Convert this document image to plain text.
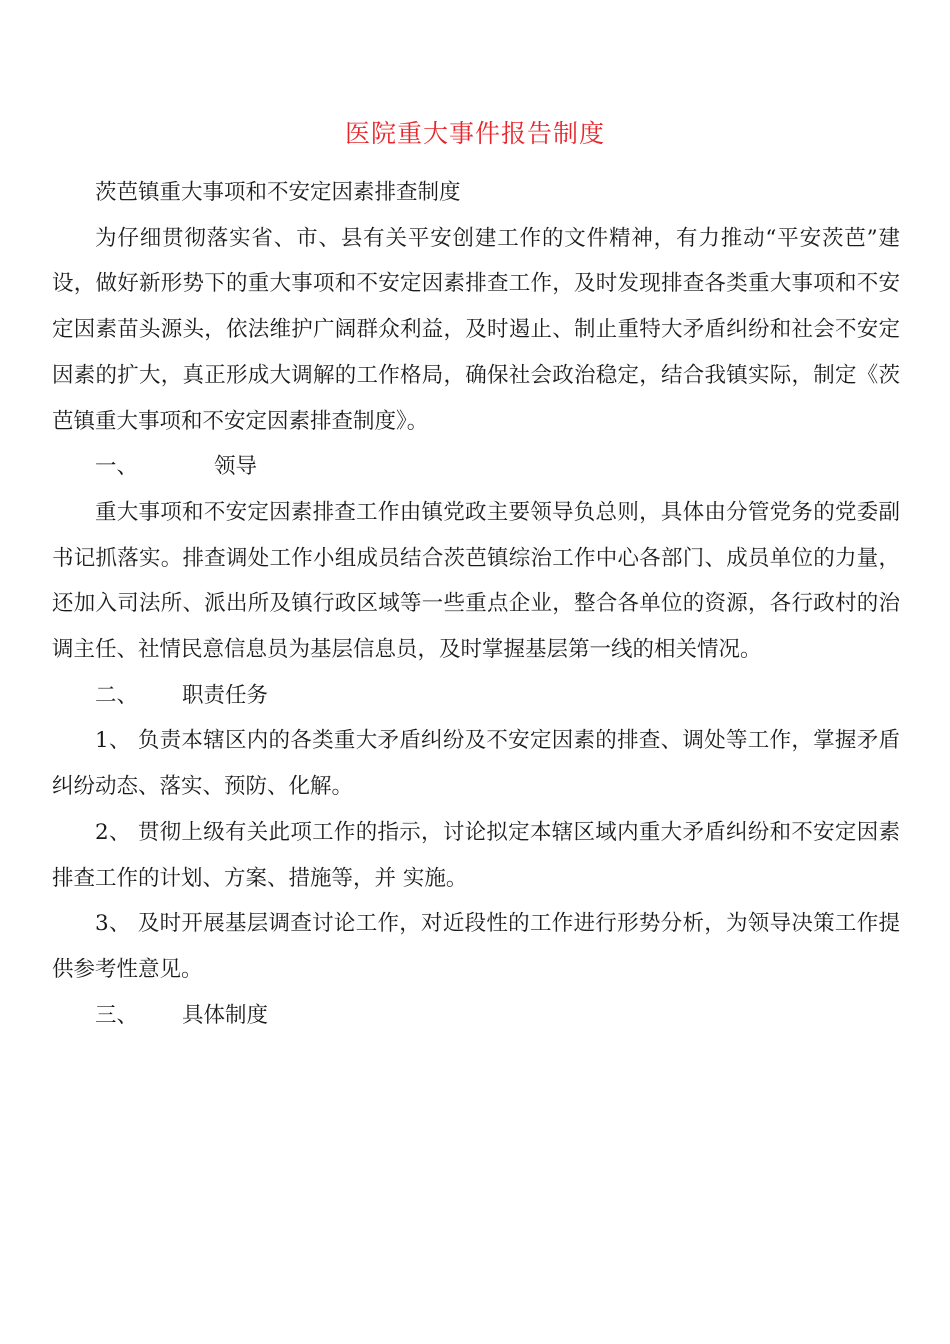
医院重大事件报告制度

茨芭镇重大事项和不安定因素排查制度

为仔细贯彻落实省、市、县有关平安创建工作的文件精神，有力推动“平安茨芭”建设，做好新形势下的重大事项和不安定因素排查工作，及时发现排查各类重大事项和不安定因素苗头源头，依法维护广阔群众利益，及时遏止、制止重特大矛盾纠纷和社会不安定因素的扩大，真正形成大调解的工作格局，确保社会政治稳定，结合我镇实际，制定《茨芭镇重大事项和不安定因素排查制度》。

一、	领导

重大事项和不安定因素排查工作由镇党政主要领导负总则，具体由分管党务的党委副书记抓落实。排查调处工作小组成员结合茨芭镇综治工作中心各部门、成员单位的力量，还加入司法所、派出所及镇行政区域等一些重点企业，整合各单位的资源，各行政村的治调主任、社情民意信息员为基层信息员，及时掌握基层第一线的相关情况。

二、 职责任务

1、 负责本辖区内的各类重大矛盾纠纷及不安定因素的排查、调处等工作，掌握矛盾纠纷动态、落实、预防、化解。

2、 贯彻上级有关此项工作的指示，讨论拟定本辖区域内重大矛盾纠纷和不安定因素排查工作的计划、方案、措施等，并 实施。

3、 及时开展基层调查讨论工作，对近段性的工作进行形势分析，为领导决策工作提供参考性意见。

三、 具体制度
